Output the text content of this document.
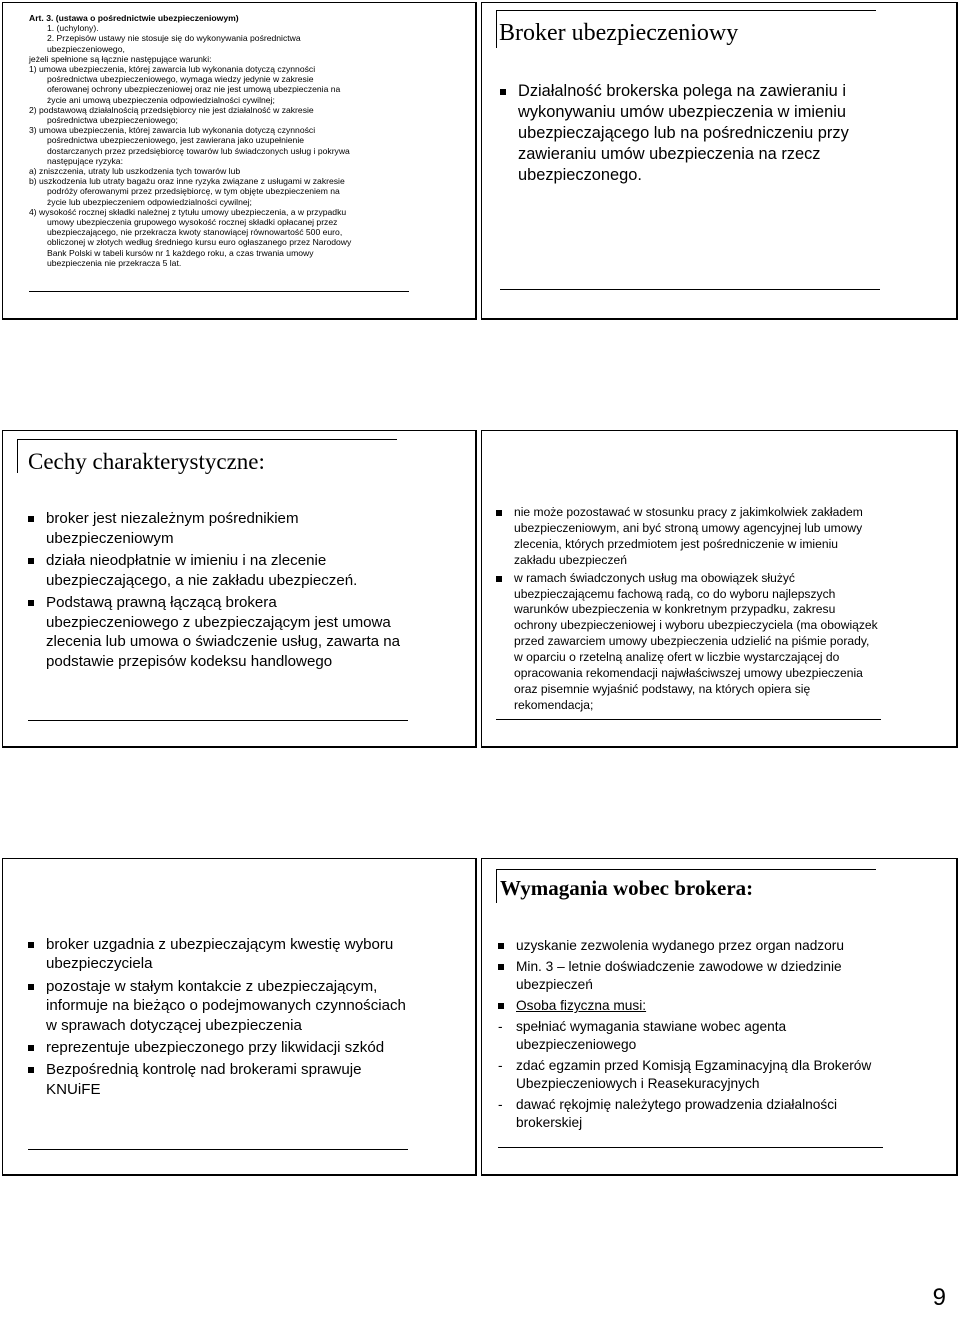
Art. 3. (ustawa o pośrednictwie ubezpieczeniowym)

1. (uchylony).

2. Przepisów ustawy nie stosuje się do wykonywania pośrednictwa

ubezpieczeniowego,

jeżeli spełnione są łącznie następujące warunki:

1) umowa ubezpieczenia, której zawarcia lub wykonania dotyczą czynności

pośrednictwa ubezpieczeniowego, wymaga wiedzy jedynie w zakresie

oferowanej ochrony ubezpieczeniowej oraz nie jest umową ubezpieczenia na

życie ani umową ubezpieczenia odpowiedzialności cywilnej;

2) podstawową działalnością przedsiębiorcy nie jest działalność w zakresie

pośrednictwa ubezpieczeniowego;

3) umowa ubezpieczenia, której zawarcia lub wykonania dotyczą czynności

pośrednictwa ubezpieczeniowego, jest zawierana jako uzupełnienie

dostarczanych przez przedsiębiorcę towarów lub świadczonych usług i pokrywa

następujące ryzyka:

a) zniszczenia, utraty lub uszkodzenia tych towarów lub

b) uszkodzenia lub utraty bagażu oraz inne ryzyka związane z usługami w zakresie

podróży oferowanymi przez przedsiębiorcę, w tym objęte ubezpieczeniem na

życie lub ubezpieczeniem odpowiedzialności cywilnej;

4) wysokość rocznej składki należnej z tytułu umowy ubezpieczenia, a w przypadku

umowy ubezpieczenia grupowego wysokość rocznej składki opłacanej przez

ubezpieczającego, nie przekracza kwoty stanowiącej równowartość 500 euro,

obliczonej w złotych według średniego kursu euro ogłaszanego przez Narodowy

Bank Polski w tabeli kursów nr 1 każdego roku, a czas trwania umowy

ubezpieczenia nie przekracza 5 lat.

Broker ubezpieczeniowy
Działalność brokerska polega na zawieraniu i wykonywaniu umów ubezpieczenia w imieniu ubezpieczającego lub na pośredniczeniu przy zawieraniu umów ubezpieczenia na rzecz ubezpieczonego.
Cechy charakterystyczne:
broker jest niezależnym pośrednikiem ubezpieczeniowym
działa nieodpłatnie w imieniu i na zlecenie ubezpieczającego, a nie zakładu ubezpieczeń.
Podstawą prawną łączącą brokera ubezpieczeniowego z ubezpieczającym jest umowa zlecenia lub umowa o świadczenie usług, zawarta na podstawie przepisów kodeksu handlowego
nie może pozostawać w stosunku pracy z jakimkolwiek zakładem ubezpieczeniowym, ani być stroną umowy agencyjnej lub umowy zlecenia, których przedmiotem jest pośredniczenie w imieniu zakładu ubezpieczeń
w ramach świadczonych usług ma obowiązek służyć ubezpieczającemu fachową radą, co do wyboru najlepszych warunków ubezpieczenia w konkretnym przypadku, zakresu ochrony ubezpieczeniowej i wyboru ubezpieczyciela (ma obowiązek przed zawarciem umowy ubezpieczenia udzielić na piśmie porady, w oparciu o rzetelną analizę ofert w liczbie wystarczającej do opracowania rekomendacji najwłaściwszej umowy ubezpieczenia oraz pisemnie wyjaśnić podstawy, na których opiera się rekomendacja;
broker uzgadnia z ubezpieczającym kwestię wyboru ubezpieczyciela
pozostaje w stałym kontakcie z ubezpieczającym, informuje na bieżąco o podejmowanych czynnościach w sprawach dotyczącej ubezpieczenia
reprezentuje ubezpieczonego przy likwidacji szkód
Bezpośrednią kontrolę nad brokerami sprawuje KNUiFE
Wymagania wobec brokera:
uzyskanie zezwolenia wydanego przez organ nadzoru
Min. 3 – letnie doświadczenie zawodowe w dziedzinie ubezpieczeń
Osoba fizyczna musi:
- spełniać wymagania stawiane wobec agenta ubezpieczeniowego
- zdać egzamin przed Komisją Egzaminacyjną dla Brokerów Ubezpieczeniowych i Reasekuracyjnych
- dawać rękojmię należytego prowadzenia działalności brokerskiej
9
